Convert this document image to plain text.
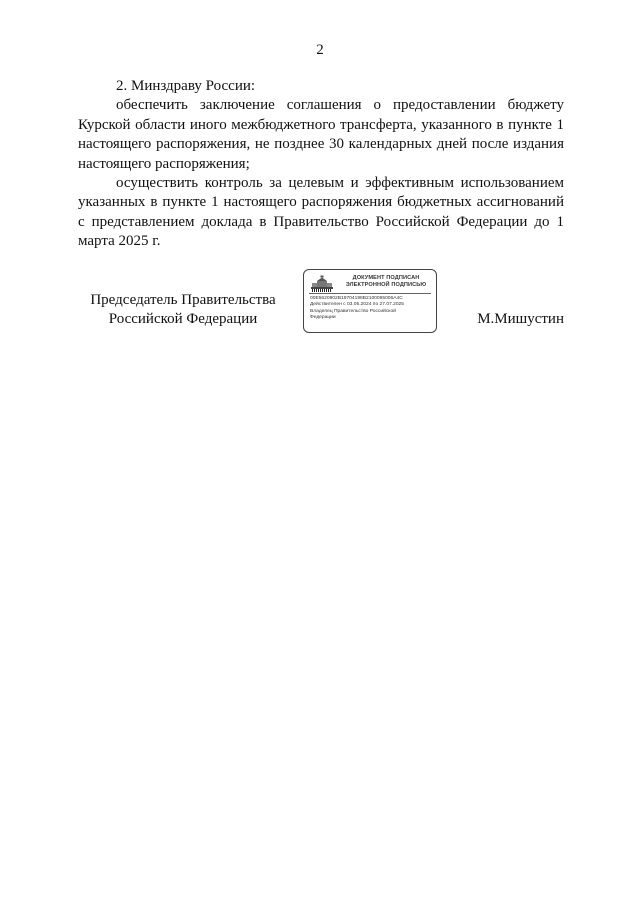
2

2. Минздраву России:

обеспечить заключение соглашения о предоставлении бюджету Курской области иного межбюджетного трансферта, указанного в пункте 1 настоящего распоряжения, не позднее 30 календарных дней после издания настоящего распоряжения;

осуществить контроль за целевым и эффективным использованием указанных в пункте 1 настоящего распоряжения бюджетных ассигнований с представлением доклада в Правительство Российской Федерации до 1 марта 2025 г.

Председатель Правительства
Российской Федерации
ДОКУМЕНТ ПОДПИСАН
ЭЛЕКТРОННОЙ ПОДПИСЬЮ
00E5620902B19704198B2100095006A4C
Действителен с 03.05.2024 по 27.07.2025
Владелец Правительство Российской
Федерации	М.Мишустин
